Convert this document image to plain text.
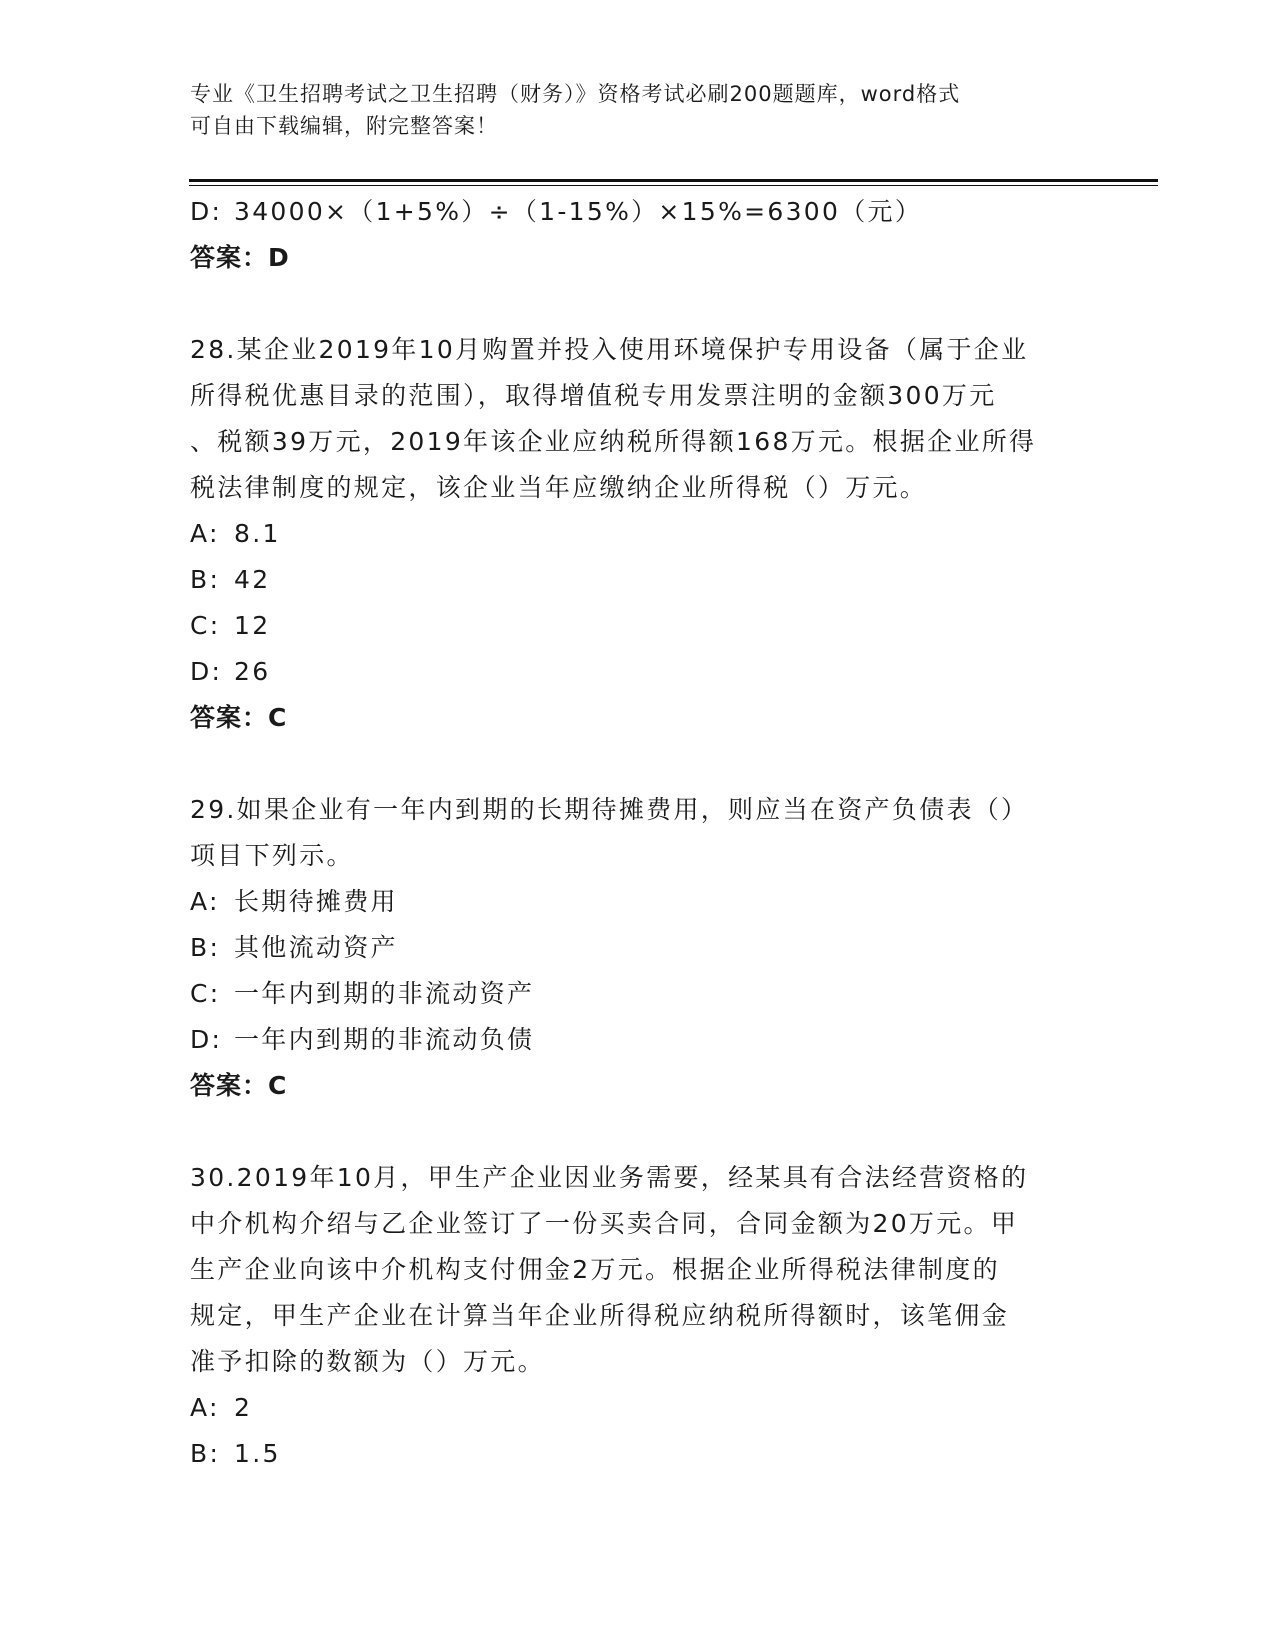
专业《卫生招聘考试之卫生招聘（财务）》资格考试必刷200题题库，word格式
可自由下载编辑，附完整答案！
D: 34000×（1+5%）÷（1-15%）×15%=6300（元）
答案：D
28.某企业2019年10月购置并投入使用环境保护专用设备（属于企业
所得税优惠目录的范围），取得增值税专用发票注明的金额300万元
、税额39万元，2019年该企业应纳税所得额168万元。根据企业所得
税法律制度的规定，该企业当年应缴纳企业所得税（）万元。
A: 8.1
B: 42
C: 12
D: 26
答案：C
29.如果企业有一年内到期的长期待摊费用，则应当在资产负债表（）
项目下列示。
A: 长期待摊费用
B: 其他流动资产
C: 一年内到期的非流动资产
D: 一年内到期的非流动负债
答案：C
30.2019年10月，甲生产企业因业务需要，经某具有合法经营资格的
中介机构介绍与乙企业签订了一份买卖合同，合同金额为20万元。甲
生产企业向该中介机构支付佣金2万元。根据企业所得税法律制度的
规定，甲生产企业在计算当年企业所得税应纳税所得额时，该笔佣金
准予扣除的数额为（）万元。
A: 2
B: 1.5
